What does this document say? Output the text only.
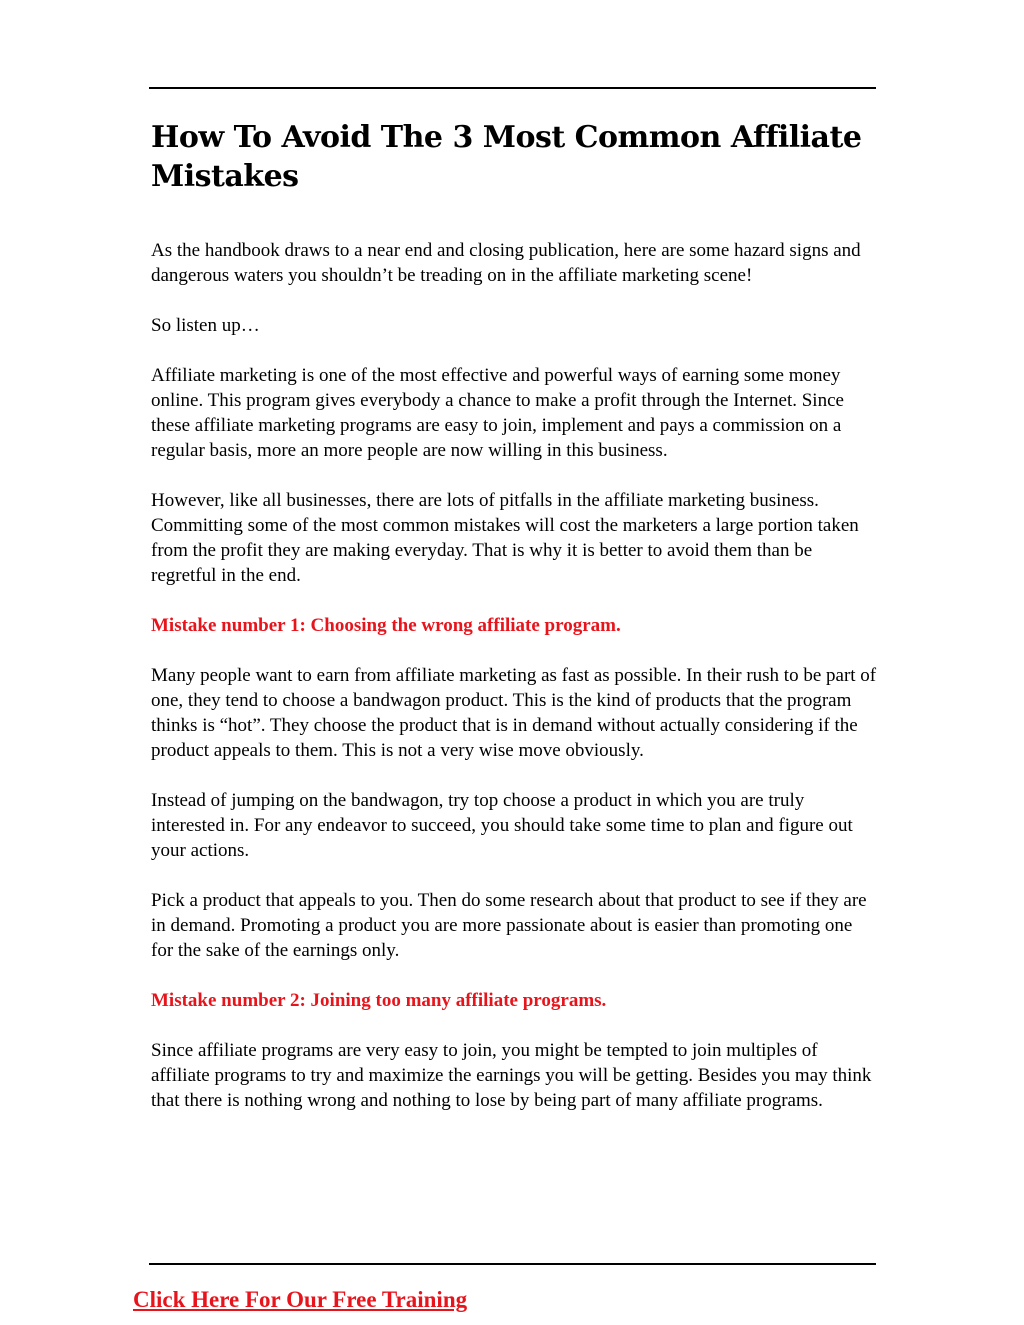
How To Avoid The 3 Most Common Affiliate Mistakes

As the handbook draws to a near end and closing publication, here are some hazard signs and dangerous waters you shouldn’t be treading on in the affiliate marketing scene!

So listen up…

Affiliate marketing is one of the most effective and powerful ways of earning some money online. This program gives everybody a chance to make a profit through the Internet. Since these affiliate marketing programs are easy to join, implement and pays a commission on a regular basis, more an more people are now willing in this business.

However, like all businesses, there are lots of pitfalls in the affiliate marketing business. Committing some of the most common mistakes will cost the marketers a large portion taken from the profit they are making everyday. That is why it is better to avoid them than be regretful in the end.

Mistake number 1: Choosing the wrong affiliate program.

Many people want to earn from affiliate marketing as fast as possible. In their rush to be part of one, they tend to choose a bandwagon product. This is the kind of products that the program thinks is “hot”. They choose the product that is in demand without actually considering if the product appeals to them. This is not a very wise move obviously.

Instead of jumping on the bandwagon, try top choose a product in which you are truly interested in. For any endeavor to succeed, you should take some time to plan and figure out your actions.

Pick a product that appeals to you. Then do some research about that product to see if they are in demand. Promoting a product you are more passionate about is easier than promoting one for the sake of the earnings only.

Mistake number 2: Joining too many affiliate programs.

Since affiliate programs are very easy to join, you might be tempted to join multiples of affiliate programs to try and maximize the earnings you will be getting. Besides you may think that there is nothing wrong and nothing to lose by being part of many affiliate programs.

Click Here For Our Free Training
